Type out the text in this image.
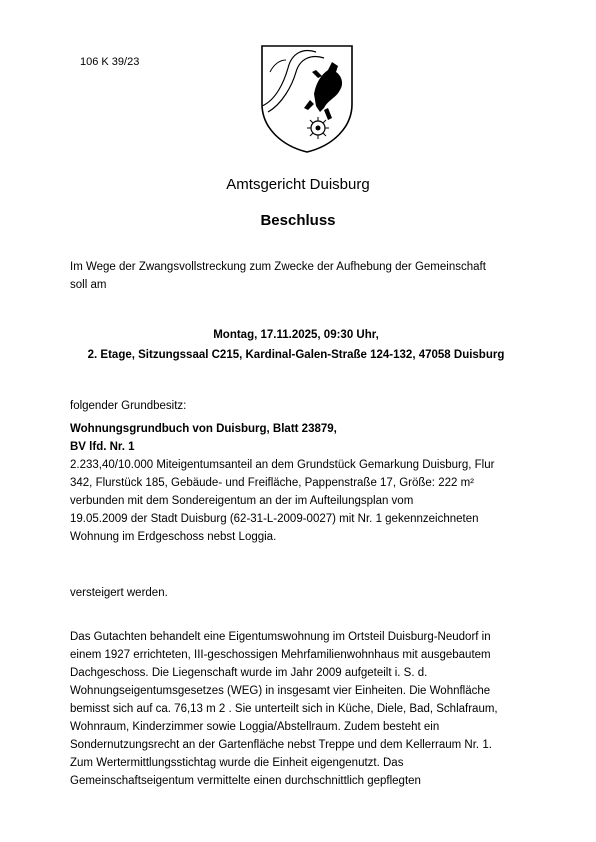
106 K 39/23
Amtsgericht Duisburg
Beschluss
Im Wege der Zwangsvollstreckung zum Zwecke der Aufhebung der Gemeinschaft
soll am
Montag, 17.11.2025, 09:30 Uhr,
2. Etage, Sitzungssaal C215, Kardinal-Galen-Straße 124-132, 47058 Duisburg
folgender Grundbesitz:
Wohnungsgrundbuch von Duisburg, Blatt 23879,
BV lfd. Nr. 1
2.233,40/10.000 Miteigentumsanteil an dem Grundstück Gemarkung Duisburg, Flur
342, Flurstück 185, Gebäude- und Freifläche, Pappenstraße 17, Größe: 222 m²
verbunden mit dem Sondereigentum an der im Aufteilungsplan vom
19.05.2009 der Stadt Duisburg (62-31-L-2009-0027) mit Nr. 1 gekennzeichneten
Wohnung im Erdgeschoss nebst Loggia.
versteigert werden.
Das Gutachten behandelt eine Eigentumswohnung im Ortsteil Duisburg-Neudorf in
einem 1927 errichteten, III-geschossigen Mehrfamilienwohnhaus mit ausgebautem
Dachgeschoss. Die Liegenschaft wurde im Jahr 2009 aufgeteilt i. S. d.
Wohnungseigentumsgesetzes (WEG) in insgesamt vier Einheiten. Die Wohnfläche
bemisst sich auf ca. 76,13 m 2 . Sie unterteilt sich in Küche, Diele, Bad, Schlafraum,
Wohnraum, Kinderzimmer sowie Loggia/Abstellraum. Zudem besteht ein
Sondernutzungsrecht an der Gartenfläche nebst Treppe und dem Kellerraum Nr. 1.
Zum Wertermittlungsstichtag wurde die Einheit eigengenutzt. Das
Gemeinschaftseigentum vermittelte einen durchschnittlich gepflegten
